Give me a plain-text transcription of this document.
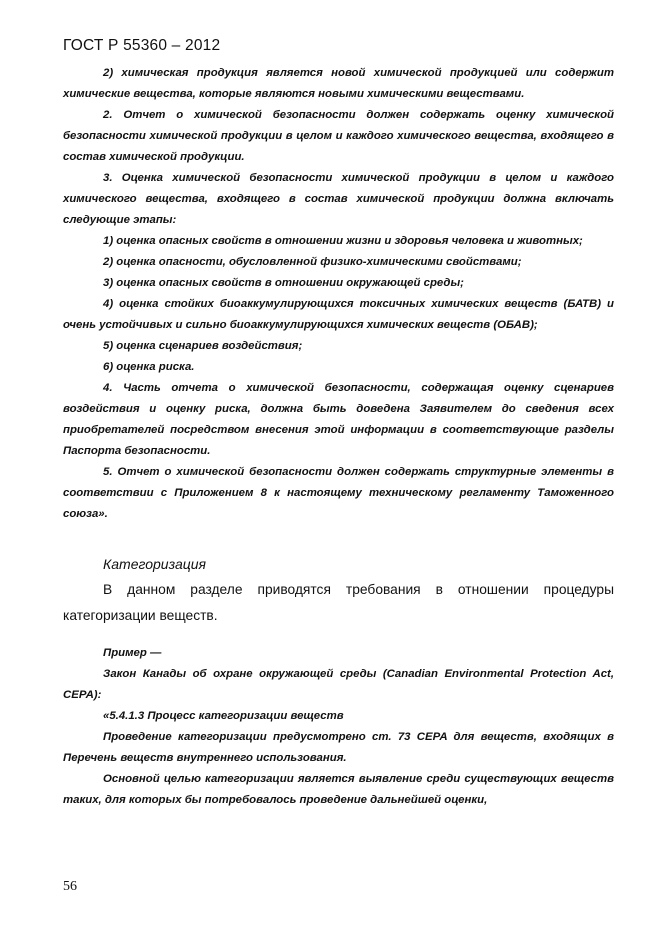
ГОСТ Р 55360 – 2012

2) химическая продукция является новой химической продукцией или содержит химические вещества, которые являются новыми химическими веществами.

2. Отчет о химической безопасности должен содержать оценку химической безопасности химической продукции в целом и каждого химического вещества, входящего в состав химической продукции.

3. Оценка химической безопасности химической продукции в целом и каждого химического вещества, входящего в состав химической продукции должна включать следующие этапы:

1) оценка опасных свойств в отношении жизни и здоровья человека и животных;

2) оценка опасности, обусловленной физико-химическими свойствами;

3) оценка опасных свойств в отношении окружающей среды;

4) оценка стойких биоаккумулирующихся токсичных химических веществ (БАТВ) и очень устойчивых и сильно биоаккумулирующихся химических веществ (ОБАВ);

5) оценка сценариев воздействия;

6) оценка риска.

4. Часть отчета о химической безопасности, содержащая оценку сценариев воздействия и оценку риска, должна быть доведена Заявителем до сведения всех приобретателей посредством внесения этой информации в соответствующие разделы Паспорта безопасности.

5. Отчет о химической безопасности должен содержать структурные элементы в соответствии с Приложением 8 к настоящему техническому регламенту Таможенного союза».

Категоризация

В данном разделе приводятся требования в отношении процедуры категоризации веществ.

Пример —

Закон Канады об охране окружающей среды (Canadian Environmental Protection Act, CEPA):

«5.4.1.3 Процесс категоризации веществ

Проведение категоризации предусмотрено ст. 73 CEPA для веществ, входящих в Перечень веществ внутреннего использования.

Основной целью категоризации является выявление среди существующих веществ таких, для которых бы потребовалось проведение дальнейшей оценки,

56
